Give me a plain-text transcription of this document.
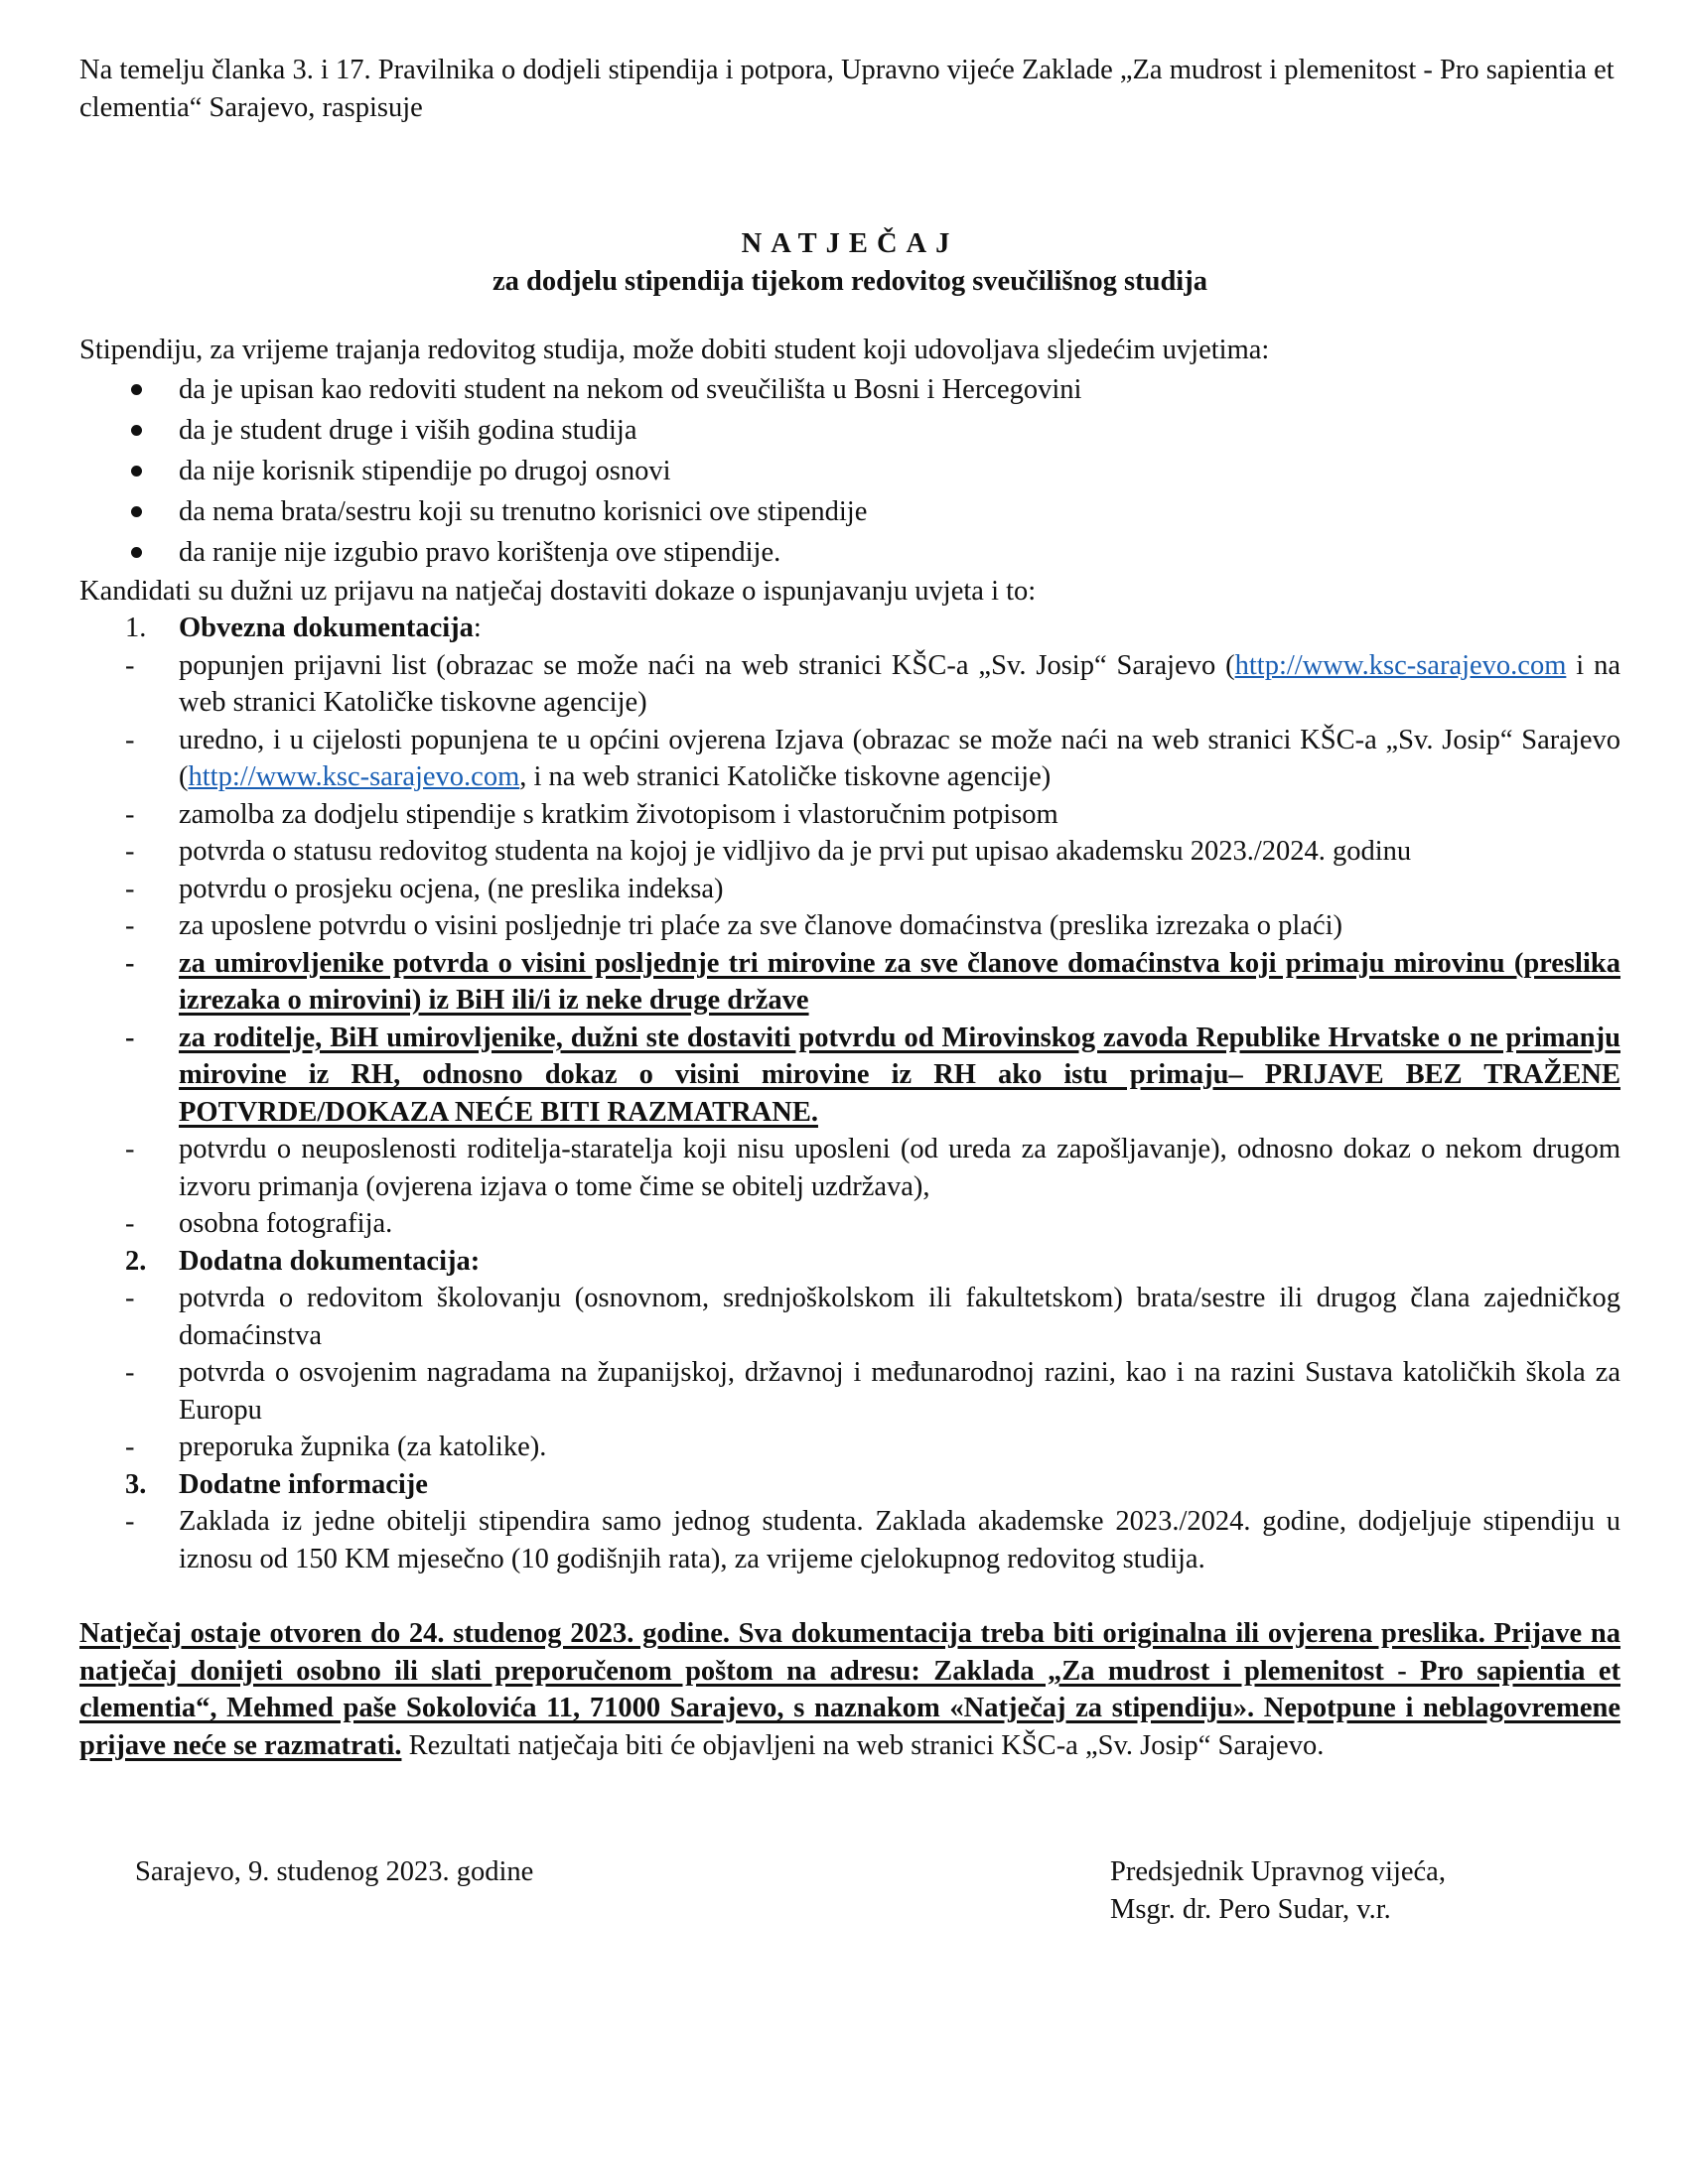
Na temelju članka 3. i 17. Pravilnika o dodjeli stipendija i potpora, Upravno vijeće Zaklade „Za mudrost i plemenitost - Pro sapientia et clementia“ Sarajevo, raspisuje

NATJEČAJ

za dodjelu stipendija tijekom redovitog sveučilišnog studija

Stipendiju, za vrijeme trajanja redovitog studija, može dobiti student koji udovoljava sljedećim uvjetima:

da je upisan kao redoviti student na nekom od sveučilišta u Bosni i Hercegovini
da je student druge i viših godina studija
da nije korisnik stipendije po drugoj osnovi
da nema brata/sestru koji su trenutno korisnici ove stipendije
da ranije nije izgubio pravo korištenja ove stipendije.

Kandidati su dužni uz prijavu na natječaj dostaviti dokaze o ispunjavanju uvjeta i to:

1. Obvezna dokumentacija:

- popunjen prijavni list (obrazac se može naći na web stranici KŠC-a „Sv. Josip“ Sarajevo (http://www.ksc-sarajevo.com i na web stranici Katoličke tiskovne agencije)

- uredno, i u cijelosti popunjena te u općini ovjerena Izjava (obrazac se može naći na web stranici KŠC-a „Sv. Josip“ Sarajevo (http://www.ksc-sarajevo.com, i na web stranici Katoličke tiskovne agencije)

- zamolba za dodjelu stipendije s kratkim životopisom i vlastoručnim potpisom

- potvrda o statusu redovitog studenta na kojoj je vidljivo da je prvi put upisao akademsku 2023./2024. godinu

- potvrdu o prosjeku ocjena, (ne preslika indeksa)

- za uposlene potvrdu o visini posljednje tri plaće za sve članove domaćinstva (preslika izrezaka o plaći)

- za umirovljenike potvrda o visini posljednje tri mirovine za sve članove domaćinstva koji primaju mirovinu (preslika izrezaka o mirovini) iz BiH ili/i iz neke druge države

- za roditelje, BiH umirovljenike, dužni ste dostaviti potvrdu od Mirovinskog zavoda Republike Hrvatske o ne primanju mirovine iz RH, odnosno dokaz o visini mirovine iz RH ako istu primaju– PRIJAVE BEZ TRAŽENE POTVRDE/DOKAZA NEĆE BITI RAZMATRANE.

- potvrdu o neuposlenosti roditelja-staratelja koji nisu uposleni (od ureda za zapošljavanje), odnosno dokaz o nekom drugom izvoru primanja (ovjerena izjava o tome čime se obitelj uzdržava),

- osobna fotografija.

2. Dodatna dokumentacija:

- potvrda o redovitom školovanju (osnovnom, srednjoškolskom ili fakultetskom) brata/sestre ili drugog člana zajedničkog domaćinstva

- potvrda o osvojenim nagradama na županijskoj, državnoj i međunarodnoj razini, kao i na razini Sustava katoličkih škola za Europu

- preporuka župnika (za katolike).

3. Dodatne informacije

- Zaklada iz jedne obitelji stipendira samo jednog studenta. Zaklada akademske 2023./2024. godine, dodjeljuje stipendiju u iznosu od 150 KM mjesečno (10 godišnjih rata), za vrijeme cjelokupnog redovitog studija.

Natječaj ostaje otvoren do 24. studenog 2023. godine. Sva dokumentacija treba biti originalna ili ovjerena preslika. Prijave na natječaj donijeti osobno ili slati preporučenom poštom na adresu: Zaklada „Za mudrost i plemenitost - Pro sapientia et clementia“, Mehmed paše Sokolovića 11, 71000 Sarajevo, s naznakom «Natječaj za stipendiju». Nepotpune i neblagovremene prijave neće se razmatrati. Rezultati natječaja biti će objavljeni na web stranici KŠC-a „Sv. Josip“ Sarajevo.

Sarajevo, 9. studenog 2023. godine	Predsjednik Upravnog vijeća,
Msgr. dr. Pero Sudar, v.r.
